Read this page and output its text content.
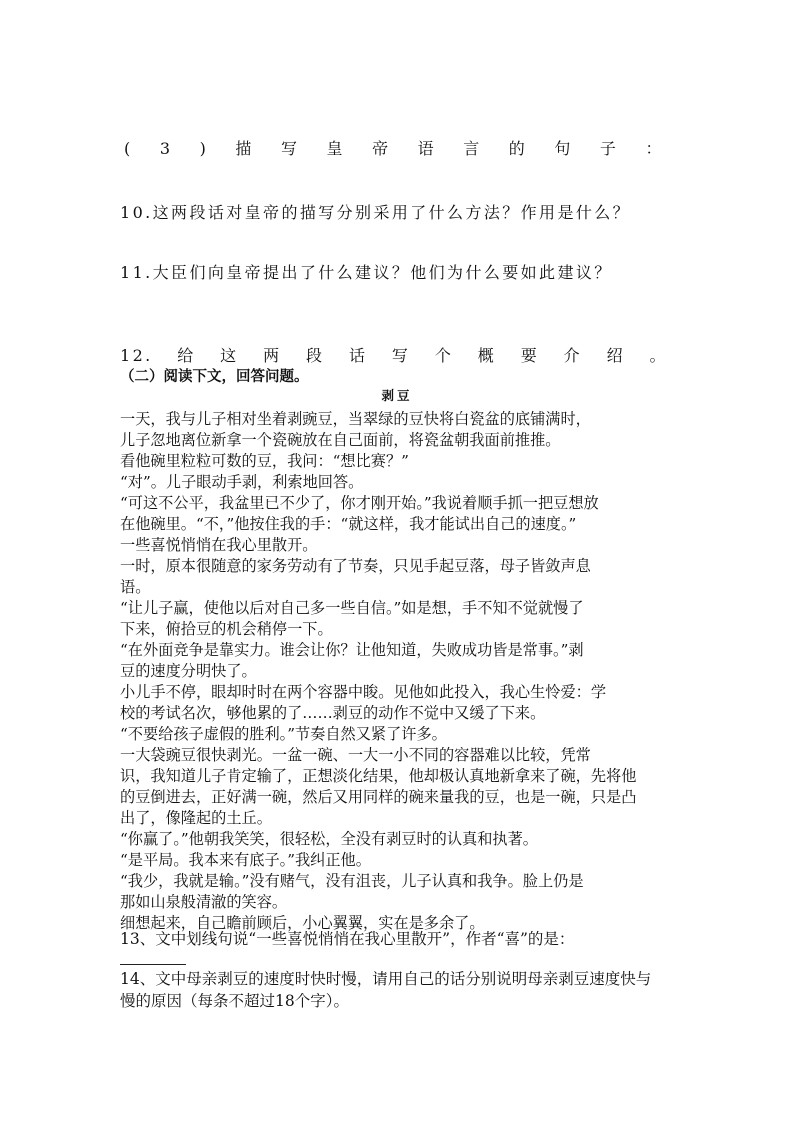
( 3 ) 描 写 皇 帝 语 言 的 句 子 ：
10.这两段话对皇帝的描写分别采用了什么方法？作用是什么？
11.大臣们向皇帝提出了什么建议？他们为什么要如此建议？
12. 给 这 两 段 话 写 个 概 要 介 绍 。
（二）阅读下文，回答问题。
剥豆
一天，我与儿子相对坐着剥豌豆，当翠绿的豆快将白瓷盆的底铺满时，
儿子忽地离位新拿一个瓷碗放在自己面前，将瓷盆朝我面前推推。
看他碗里粒粒可数的豆，我问：“想比赛？”
“对”。儿子眼动手剥，利索地回答。
“可这不公平，我盆里已不少了，你才刚开始。”我说着顺手抓一把豆想放
在他碗里。“不，”他按住我的手：“就这样，我才能试出自己的速度。”
一些喜悦悄悄在我心里散开。
一时，原本很随意的家务劳动有了节奏，只见手起豆落，母子皆敛声息
语。
“让儿子赢，使他以后对自己多一些自信。”如是想，手不知不觉就慢了
下来，俯拾豆的机会稍停一下。
“在外面竞争是靠实力。谁会让你？让他知道，失败成功皆是常事。”剥
豆的速度分明快了。
小儿手不停，眼却时时在两个容器中睃。见他如此投入，我心生怜爱：学
校的考试名次，够他累的了……剥豆的动作不觉中又缓了下来。
“不要给孩子虚假的胜利。”节奏自然又紧了许多。
一大袋豌豆很快剥光。一盆一碗、一大一小不同的容器难以比较，凭常
识，我知道儿子肯定输了，正想淡化结果，他却极认真地新拿来了碗，先将他
的豆倒进去，正好满一碗，然后又用同样的碗来量我的豆，也是一碗，只是凸
出了，像隆起的土丘。
“你赢了。”他朝我笑笑，很轻松，全没有剥豆时的认真和执著。
“是平局。我本来有底子。”我纠正他。
“我少，我就是输。”没有赌气，没有沮丧，儿子认真和我争。脸上仍是
那如山泉般清澈的笑容。
细想起来，自己瞻前顾后，小心翼翼，实在是多余了。
13、文中划线句说“一些喜悦悄悄在我心里散开”，作者“喜”的是：
14、文中母亲剥豆的速度时快时慢，请用自己的话分别说明母亲剥豆速度快与
慢的原因（每条不超过18个字）。
